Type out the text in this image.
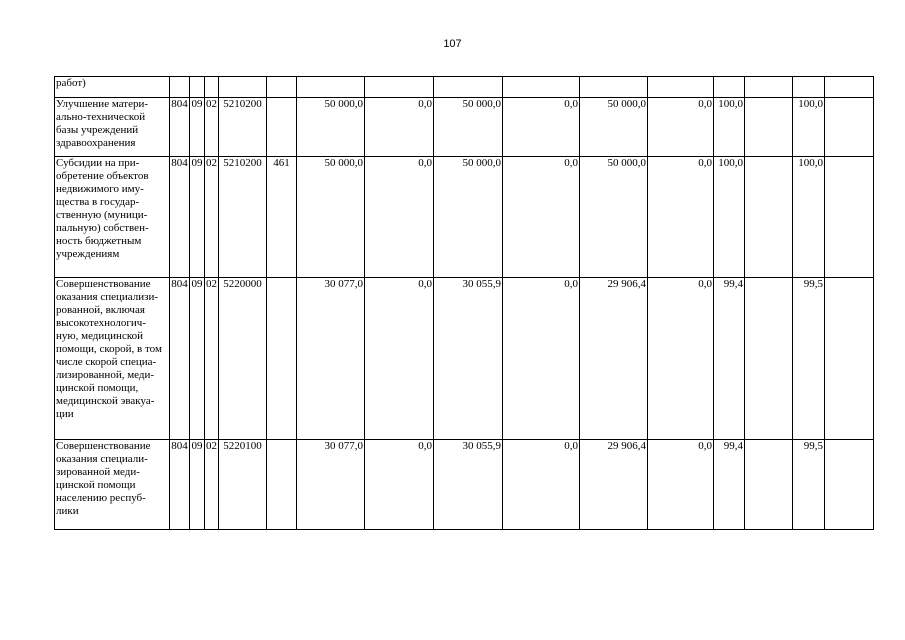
107
работ)															
Улучшение матери-ально-технической базы учреждений здравоохранения	804	09	02	5210200		50 000,0	0,0	50 000,0	0,0	50 000,0	0,0	100,0		100,0	
Субсидии на при-обретение объектов недвижимого иму-щества в государ-ственную (муници-пальную) собствен-ность бюджетным учреждениям	804	09	02	5210200	461	50 000,0	0,0	50 000,0	0,0	50 000,0	0,0	100,0		100,0	
Совершенствование оказания специализи-рованной, включая высокотехнологич-ную, медицинской помощи, скорой, в том числе скорой специа-лизированной, меди-цинской помощи, медицинской эвакуа-ции	804	09	02	5220000		30 077,0	0,0	30 055,9	0,0	29 906,4	0,0	99,4		99,5	
Совершенствование оказания специали-зированной меди-цинской помощи населению респуб-лики	804	09	02	5220100		30 077,0	0,0	30 055,9	0,0	29 906,4	0,0	99,4		99,5	
